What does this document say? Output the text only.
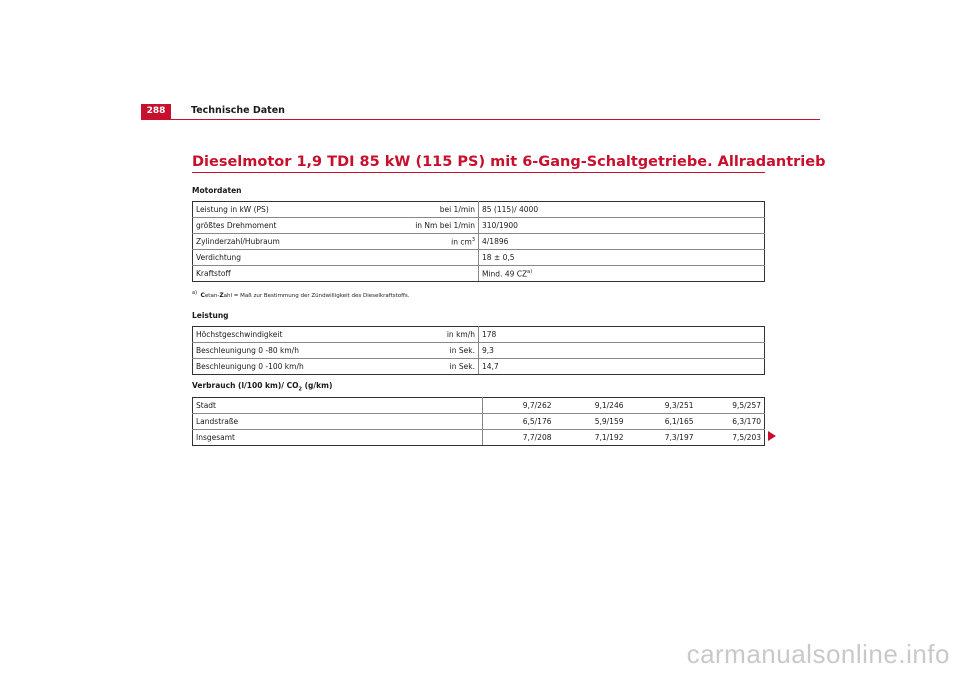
288	Technische Daten
Dieselmotor 1,9 TDI 85 kW (115 PS) mit 6-Gang-Schaltgetriebe. Allradantrieb
Motordaten
Leistung in kW (PS)	bei 1/min	85 (115)/ 4000
größtes Drehmoment	in Nm bei 1/min	310/1900
Zylinderzahl/Hubraum	in $cm^3$	4/1896
Verdichtung		18 ± 0,5
Kraftstoff		Mind. 49 CZ$^{a)}$
$^{a)}$ Cetan-Zahl = Maß zur Bestimmung der Zündwilligkeit des Dieselkraftstoffs.
Leistung
Höchstgeschwindigkeit	in km/h	178
Beschleunigung 0 -80 km/h	in Sek.	9,3
Beschleunigung 0 -100 km/h	in Sek.	14,7
Verbrauch (l/100 km)/ $CO_2$ (g/km)
Stadt	9,7/262	9,1/246	9,3/251	9,5/257
Landstraße	6,5/176	5,9/159	6,1/165	6,3/170
Insgesamt	7,7/208	7,1/192	7,3/197	7,5/203
carmanualsonline.info
